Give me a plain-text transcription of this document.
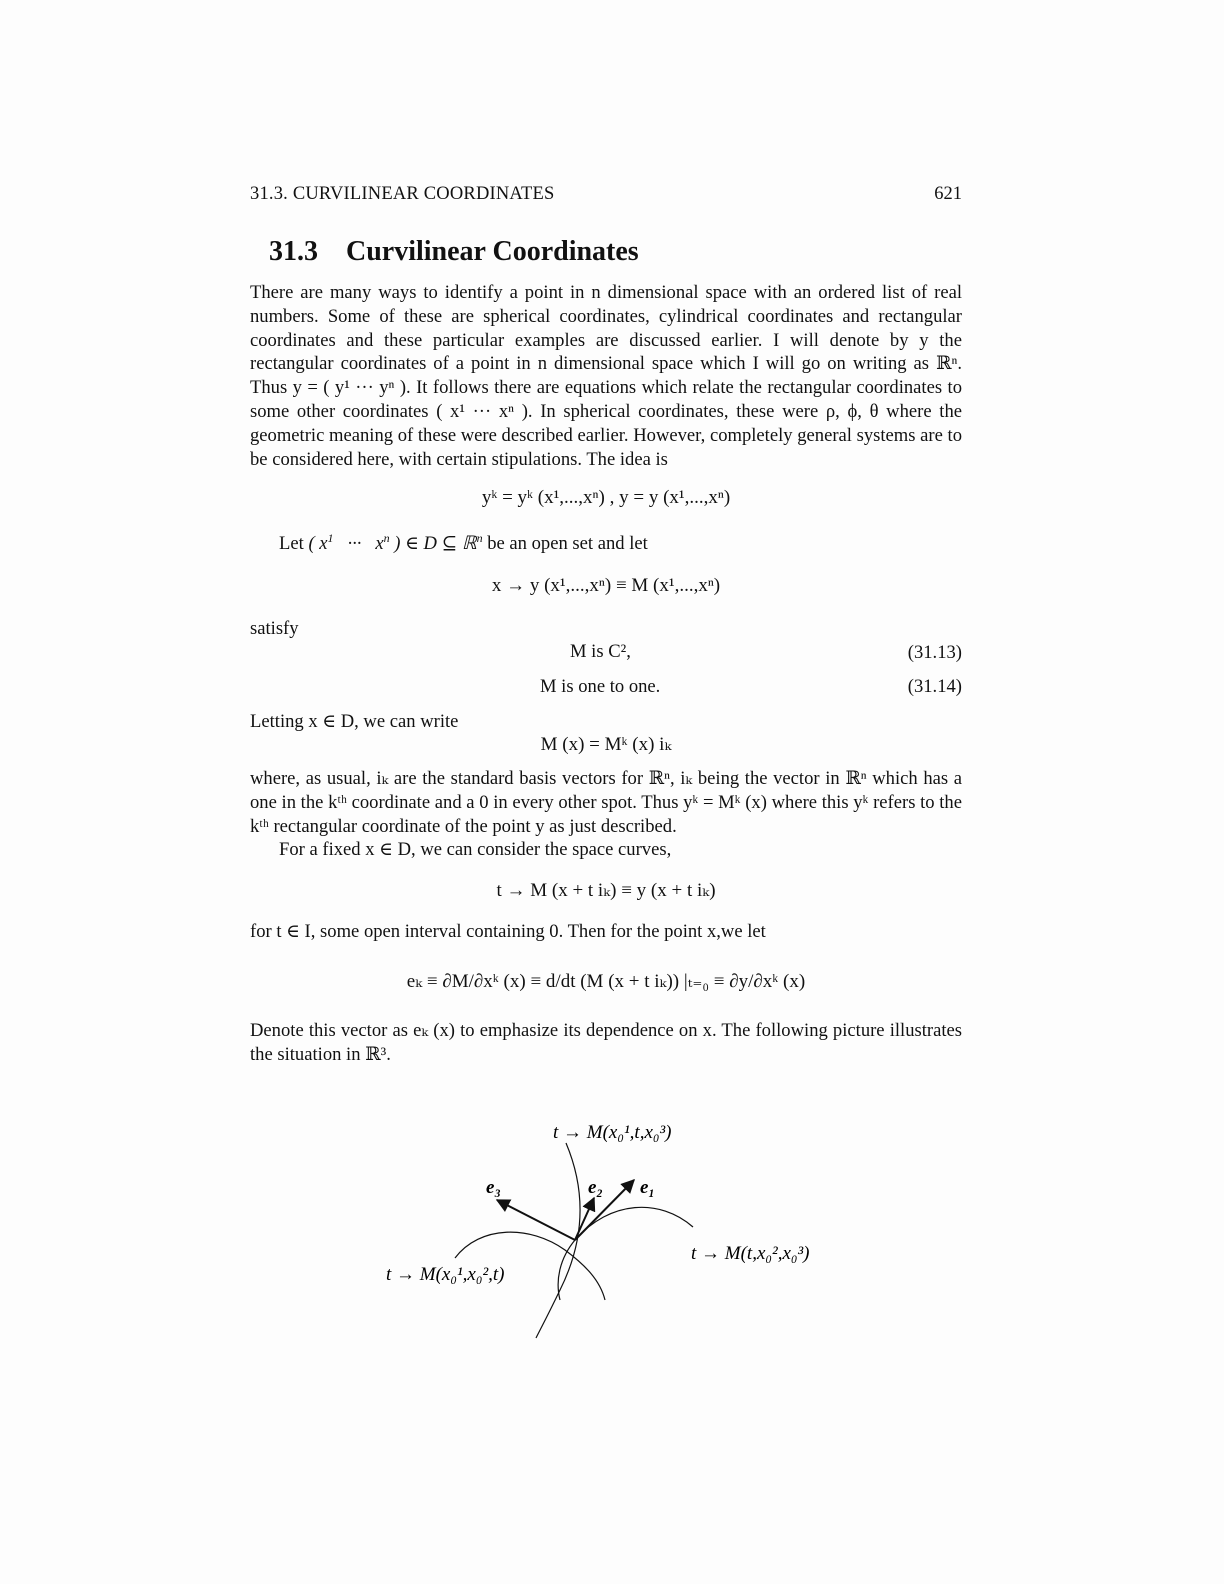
31.3. CURVILINEAR COORDINATES	621
31.3 Curvilinear Coordinates
There are many ways to identify a point in n dimensional space with an ordered list of real numbers. Some of these are spherical coordinates, cylindrical coordinates and rectangular coordinates and these particular examples are discussed earlier. I will denote by y the rectangular coordinates of a point in n dimensional space which I will go on writing as ℝⁿ. Thus y = ( y¹ ··· yⁿ ). It follows there are equations which relate the rectangular coordinates to some other coordinates ( x¹ ··· xⁿ ). In spherical coordinates, these were ρ, ϕ, θ where the geometric meaning of these were described earlier. However, completely general systems are to be considered here, with certain stipulations. The idea is
yᵏ = yᵏ (x¹,...,xⁿ) , y = y (x¹,...,xⁿ)
Let ( $x^1$   ···   $x^n$ ) ∈ D ⊆ ℝ$^n$ be an open set and let
x → y (x¹,...,xⁿ) ≡ M (x¹,...,xⁿ)
satisfy
M is C²,	(31.13)
M is one to one.	(31.14)
Letting x ∈ D, we can write
M (x) = Mᵏ (x) iₖ
where, as usual, iₖ are the standard basis vectors for ℝⁿ, iₖ being the vector in ℝⁿ which has a one in the kᵗʰ coordinate and a 0 in every other spot. Thus yᵏ = Mᵏ (x) where this yᵏ refers to the kᵗʰ rectangular coordinate of the point y as just described.
For a fixed x ∈ D, we can consider the space curves,
t → M (x + t iₖ) ≡ y (x + t iₖ)
for t ∈ I, some open interval containing 0. Then for the point x,we let
eₖ ≡ ∂M/∂xᵏ (x) ≡ d/dt (M (x + t iₖ)) |ₜ₌₀ ≡ ∂y/∂xᵏ (x)
Denote this vector as eₖ (x) to emphasize its dependence on x. The following picture illustrates the situation in ℝ³.
t → M(x₀¹,t,x₀³)
t → M(t,x₀²,x₀³)
t → M(x₀¹,x₀²,t)
e₁
e₂
e₃
